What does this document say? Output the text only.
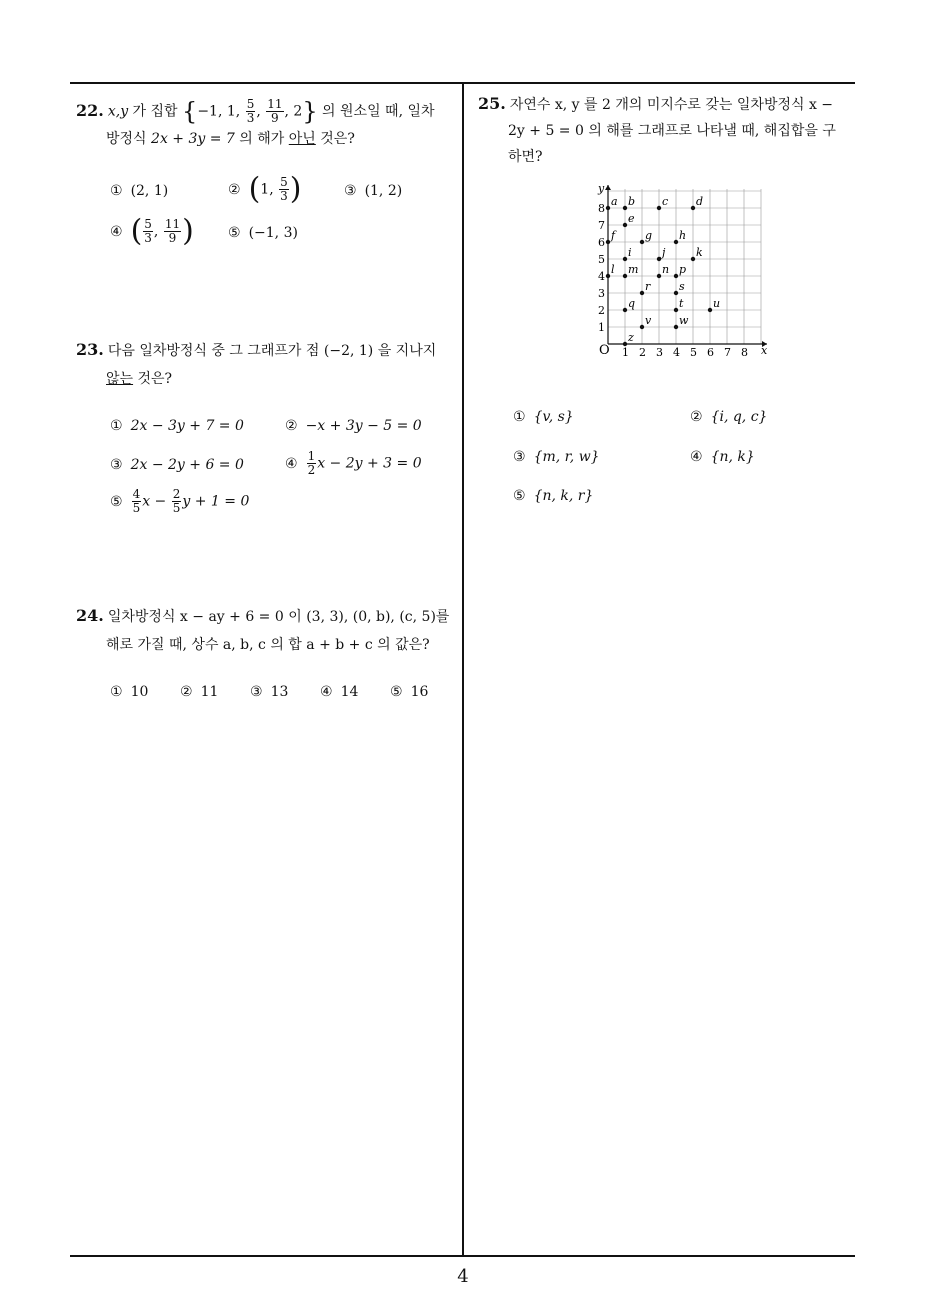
4
22. x,y 가 집합 {−1, 1, $\frac{5}{3}$ , $\frac{11}{9}$ , 2} 의 원소일 때, 일차
방정식 2x + 3y = 7 의 해가 아닌 것은?
① (2, 1)	② (1, $\frac{5}{3}$ )	③ (1, 2)
④ ( $\frac{5}{3}$ , $\frac{11}{9}$ ) ⑤ (−1, 3)
23. 다음 일차방정식 중 그 그래프가 점 (−2, 1) 을 지나지
않는 것은?
① 2x − 3y + 7 = 0	② −x + 3y − 5 = 0
③ 2x − 2y + 6 = 0	④ $\frac{1}{2}$ x − 2y + 3 = 0
⑤ $\frac{4}{5}$ $x - \frac{2}{5}$ y + 1 = 0
24. 일차방정식 x − ay + 6 = 0 이 (3, 3), (0, b), (c, 5)를
해로 가질 때, 상수 a, b, c 의 합 a + b + c 의 값은?
① 10 ② 11 ③ 13 ④ 14 ⑤ 16
25. 자연수 x, y 를 2 개의 미지수로 갖는 일차방정식 x −
2y + 5 = 0 의 해를 그래프로 나타낼 때, 해집합을 구
하면?
1 2 3 4 5 6 7 8
1
2
3
4
5
6
7
8
a b c	d
e
f	g h
i	j	k
l m n p
r	s
q	t	u
v	w
z
O	x
y
① {v, s}	② {i, q, c}
③ {m, r, w}	④ {n, k}
⑤ {n, k, r}
